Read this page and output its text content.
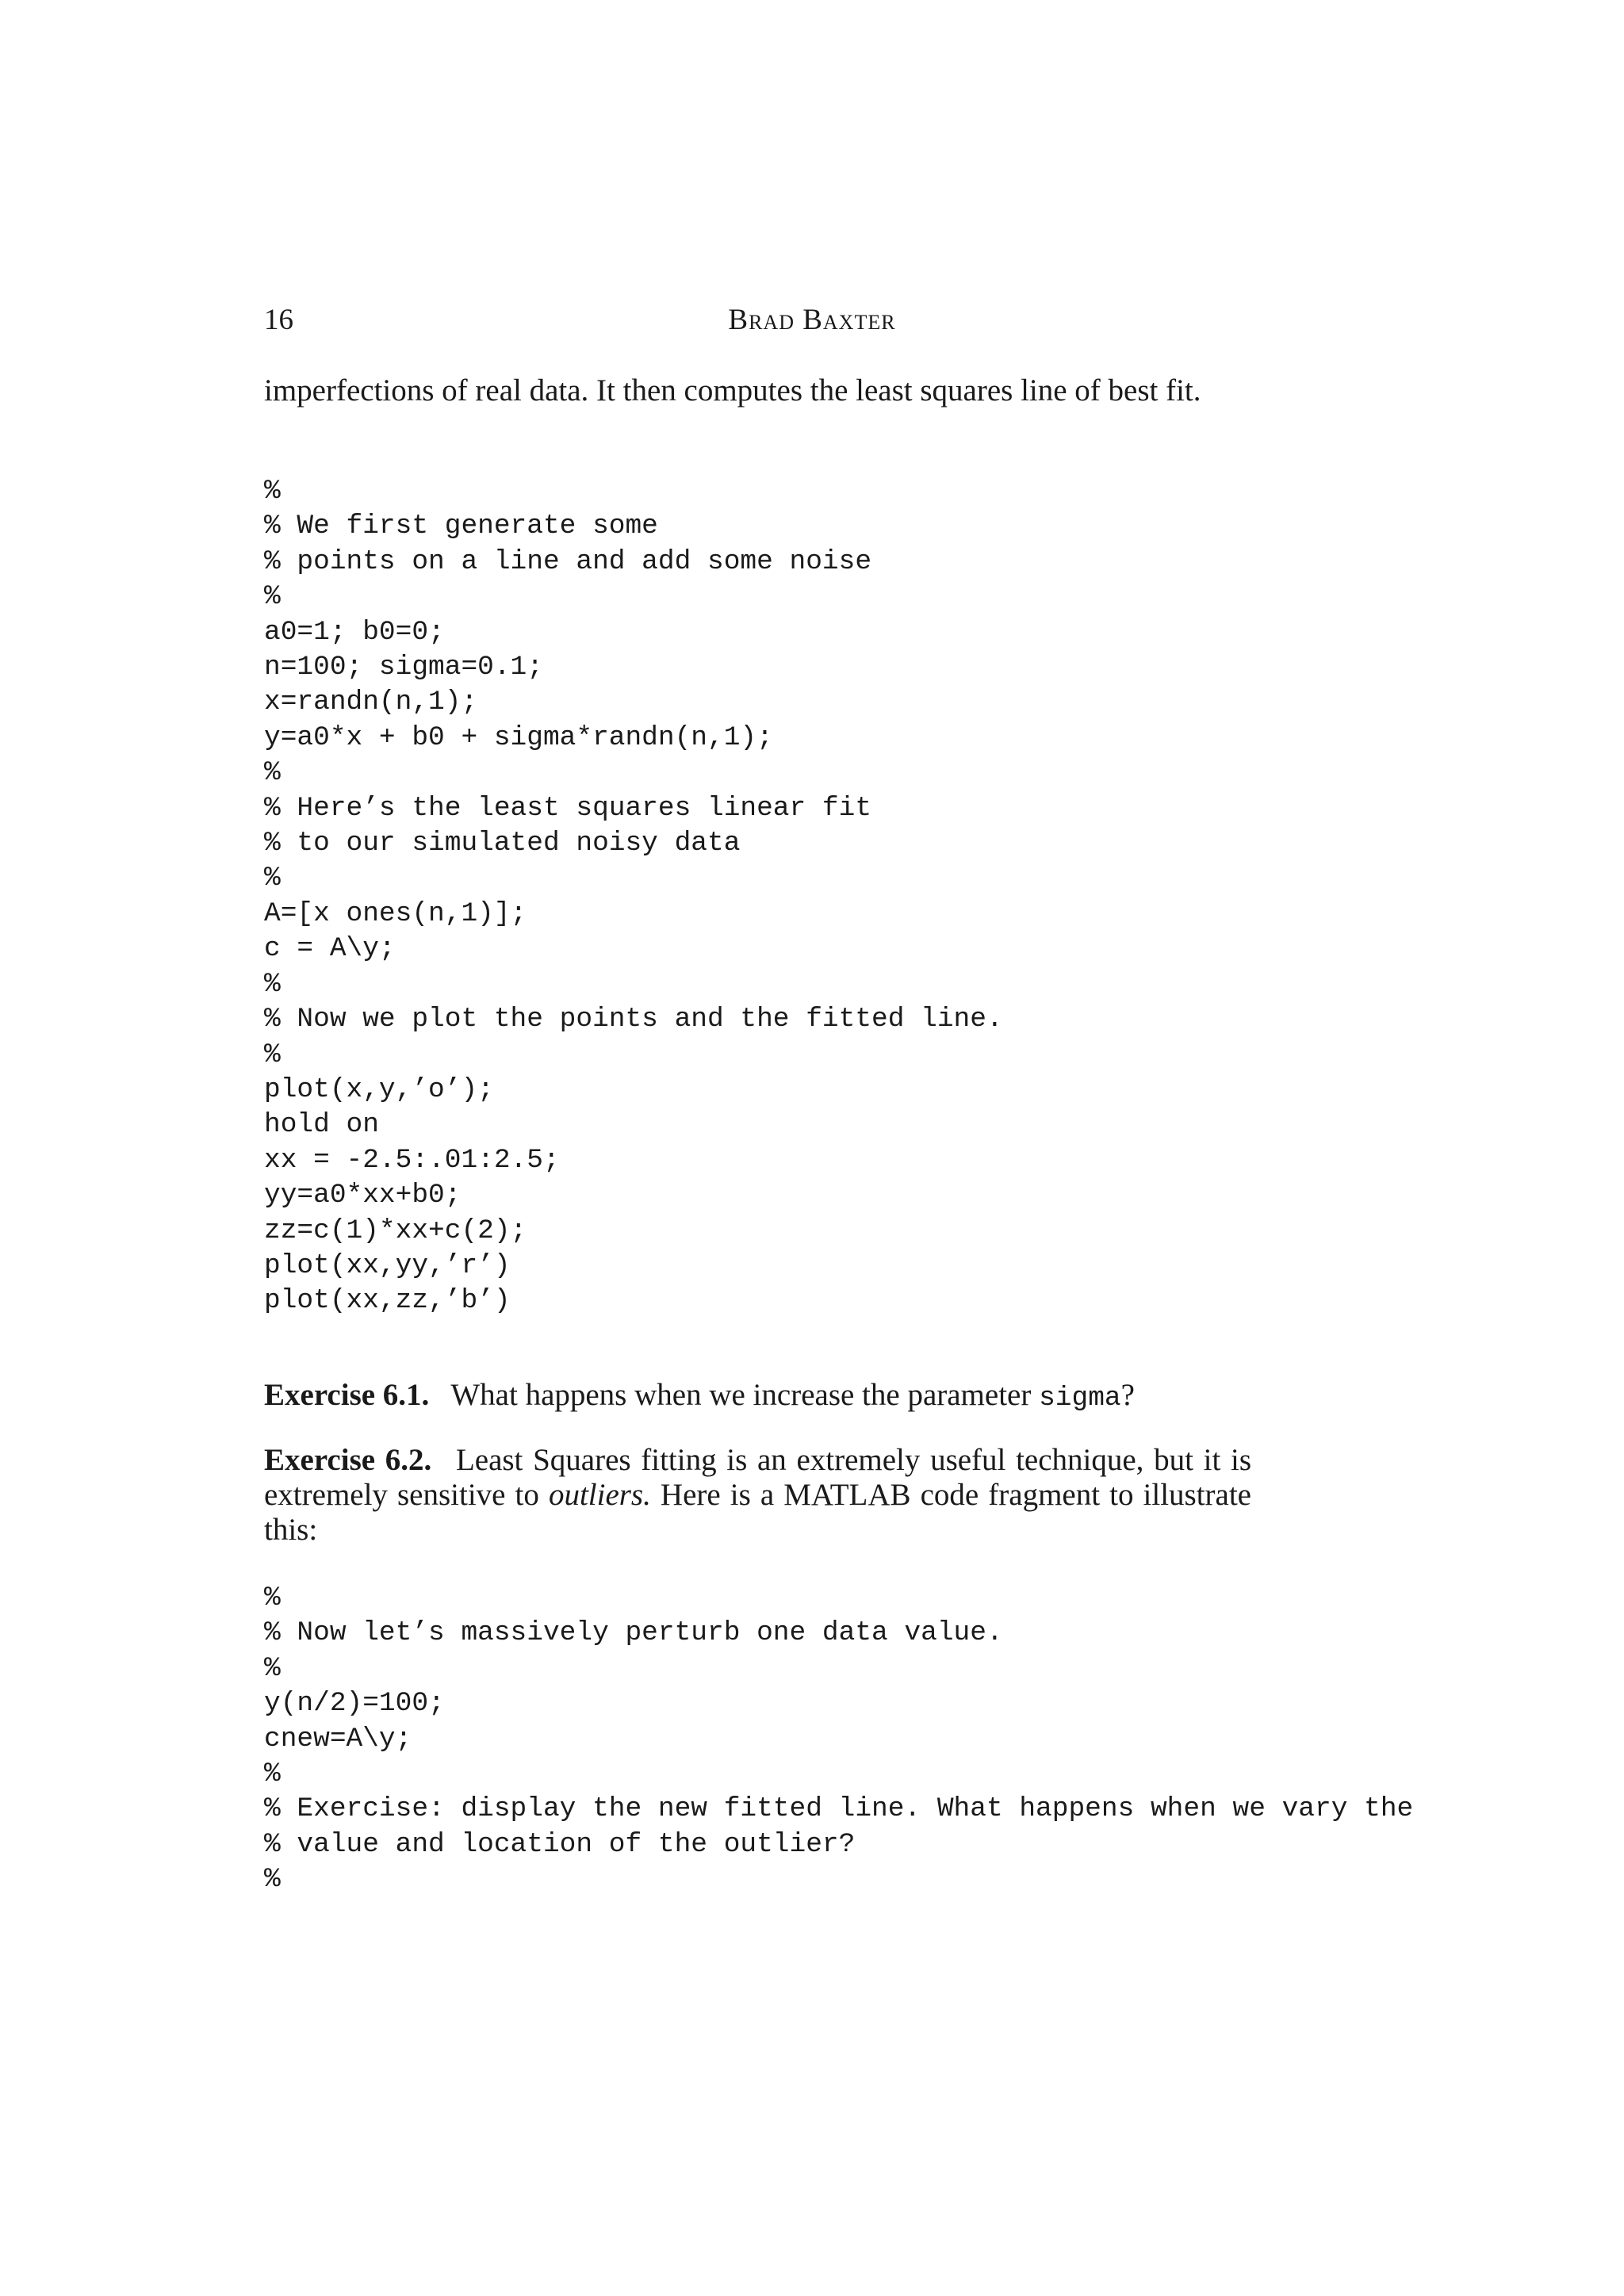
16	Brad Baxter
imperfections of real data. It then computes the least squares line of best fit.
%
% We first generate some
% points on a line and add some noise
%
a0=1; b0=0;
n=100; sigma=0.1;
x=randn(n,1);
y=a0*x + b0 + sigma*randn(n,1);
%
% Here’s the least squares linear fit
% to our simulated noisy data
%
A=[x ones(n,1)];
c = A\y;
%
% Now we plot the points and the fitted line.
%
plot(x,y,’o’);
hold on
xx = -2.5:.01:2.5;
yy=a0*xx+b0;
zz=c(1)*xx+c(2);
plot(xx,yy,’r’)
plot(xx,zz,’b’)
Exercise 6.1. What happens when we increase the parameter sigma?
Exercise 6.2. Least Squares fitting is an extremely useful technique, but it is extremely sensitive to outliers. Here is a MATLAB code fragment to illustrate this:
%
% Now let’s massively perturb one data value.
%
y(n/2)=100;
cnew=A\y;
%
% Exercise: display the new fitted line. What happens when we vary the
% value and location of the outlier?
%
